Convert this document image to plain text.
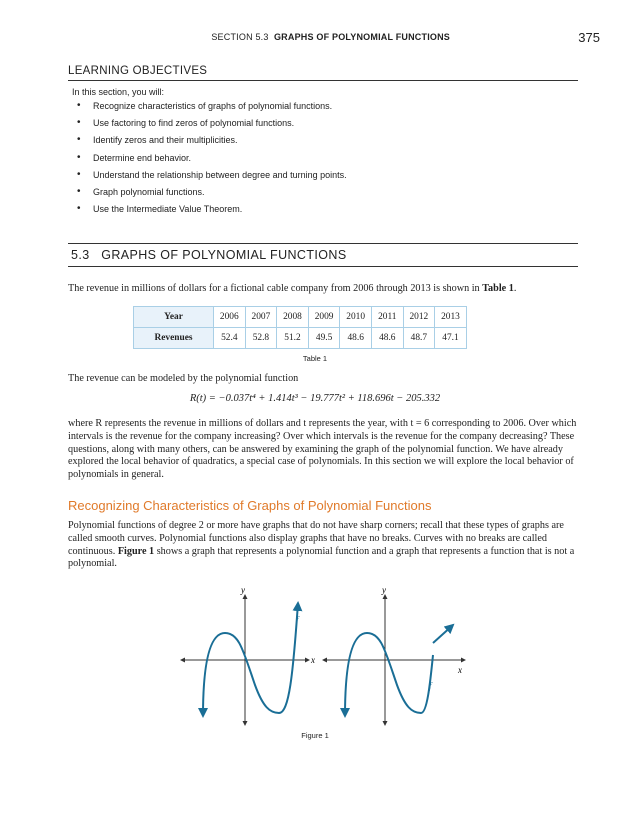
SECTION 5.3 GRAPHS OF POLYNOMIAL FUNCTIONS	375
LEARNING OBJECTIVES
In this section, you will:
• Recognize characteristics of graphs of polynomial functions.
• Use factoring to find zeros of polynomial functions.
• Identify zeros and their multiplicities.
• Determine end behavior.
• Understand the relationship between degree and turning points.
• Graph polynomial functions.
• Use the Intermediate Value Theorem.
5.3   GRAPHS OF POLYNOMIAL FUNCTIONS
The revenue in millions of dollars for a fictional cable company from 2006 through 2013 is shown in Table 1.
Year	2006	2007	2008	2009	2010	2011	2012	2013
Revenues	52.4	52.8	51.2	49.5	48.6	48.6	48.7	47.1
Table 1
The revenue can be modeled by the polynomial function
R(t) = −0.037t⁴ + 1.414t³ − 19.777t² + 118.696t − 205.332
where R represents the revenue in millions of dollars and t represents the year, with t = 6 corresponding to 2006. Over which intervals is the revenue for the company increasing? Over which intervals is the revenue for the company decreasing? These questions, along with many others, can be answered by examining the graph of the polynomial function. We have already explored the local behavior of quadratics, a special case of polynomials. In this section we will explore the local behavior of polynomials in general.
Recognizing Characteristics of Graphs of Polynomial Functions
Polynomial functions of degree 2 or more have graphs that do not have sharp corners; recall that these types of graphs are called smooth curves. Polynomial functions also display graphs that have no breaks. Curves with no breaks are called continuous. Figure 1 shows a graph that represents a polynomial function and a graph that represents a function that is not a polynomial.
x
y
f
x
y
f
Figure 1
